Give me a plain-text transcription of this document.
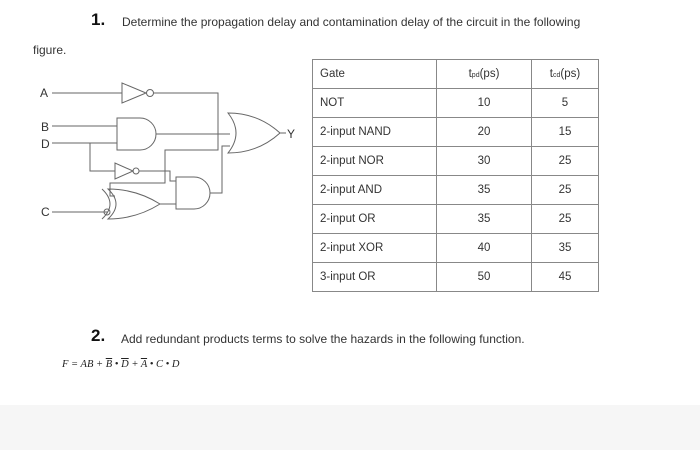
1. Determine the propagation delay and contamination delay of the circuit in the following
figure.
A
B
D
C
Y
Gate	tpd(ps)	tcd(ps)
NOT	10	5
2-input NAND	20	15
2-input NOR	30	25
2-input AND	35	25
2-input OR	35	25
2-input XOR	40	35
3-input OR	50	45
2. Add redundant products terms to solve the hazards in the following function.
F = AB + $\overline{B}$ • $\overline{D} + \overline{A}$ • C • D
